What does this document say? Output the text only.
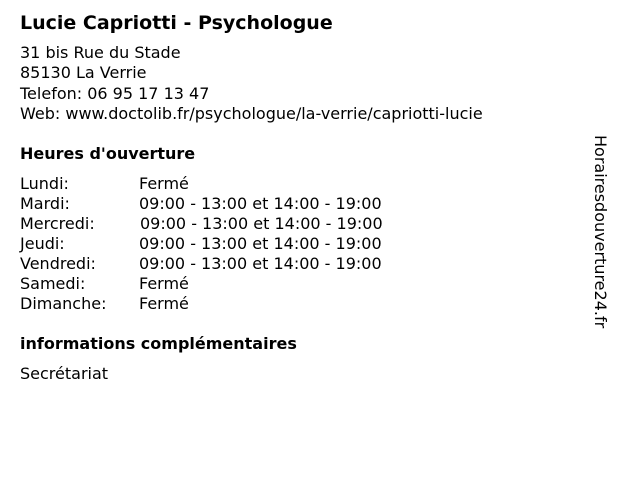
Lucie Capriotti - Psychologue
31 bis Rue du Stade
85130 La Verrie
Telefon: 06 95 17 13 47
Web: www.doctolib.fr/psychologue/la-verrie/capriotti-lucie
Heures d'ouverture
Lundi:	Fermé
Mardi:	09:00 - 13:00 et 14:00 - 19:00
Mercredi:	09:00 - 13:00 et 14:00 - 19:00
Jeudi:	09:00 - 13:00 et 14:00 - 19:00
Vendredi:	09:00 - 13:00 et 14:00 - 19:00
Samedi:	Fermé
Dimanche: Fermé
informations complémentaires
Secrétariat
Horairesdouverture24.fr
